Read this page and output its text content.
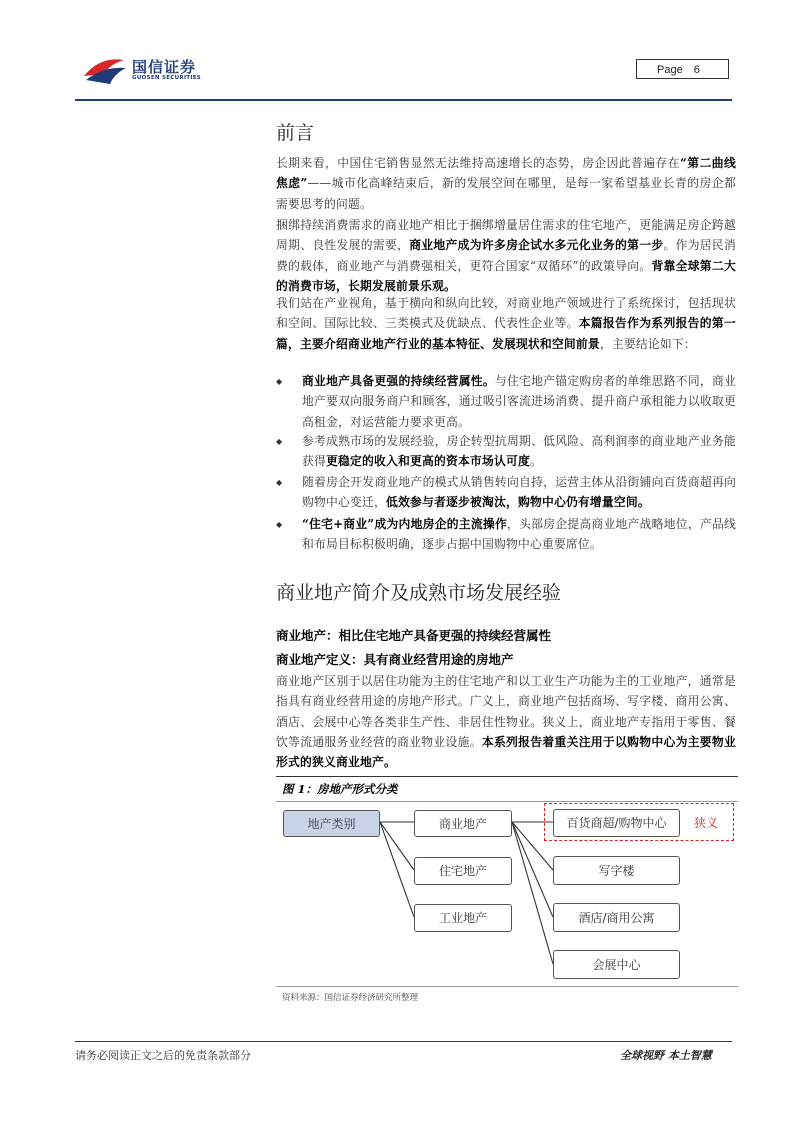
国信证券
GUOSEN SECURITIES
Page 6
前言
长期来看，中国住宅销售显然无法维持高速增长的态势，房企因此普遍存在“第二曲线焦虑”——城市化高峰结束后，新的发展空间在哪里，是每一家希望基业长青的房企都需要思考的问题。
捆绑持续消费需求的商业地产相比于捆绑增量居住需求的住宅地产，更能满足房企跨越周期、良性发展的需要，商业地产成为许多房企试水多元化业务的第一步。作为居民消费的载体，商业地产与消费强相关，更符合国家“双循环”的政策导向。背靠全球第二大的消费市场，长期发展前景乐观。
我们站在产业视角，基于横向和纵向比较，对商业地产领域进行了系统探讨，包括现状和空间、国际比较、三类模式及优缺点、代表性企业等。本篇报告作为系列报告的第一篇，主要介绍商业地产行业的基本特征、发展现状和空间前景，主要结论如下：
◆	商业地产具备更强的持续经营属性。与住宅地产锚定购房者的单维思路不同，商业地产要双向服务商户和顾客，通过吸引客流进场消费、提升商户承租能力以收取更高租金，对运营能力要求更高。
◆	参考成熟市场的发展经验，房企转型抗周期、低风险、高利润率的商业地产业务能获得更稳定的收入和更高的资本市场认可度。
◆	随着房企开发商业地产的模式从销售转向自持，运营主体从沿街铺向百货商超再向购物中心变迁，低效参与者逐步被淘汰，购物中心仍有增量空间。
◆	“住宅+商业”成为内地房企的主流操作，头部房企提高商业地产战略地位，产品线和布局目标积极明确，逐步占据中国购物中心重要席位。
商业地产简介及成熟市场发展经验
商业地产：相比住宅地产具备更强的持续经营属性
商业地产定义：具有商业经营用途的房地产
商业地产区别于以居住功能为主的住宅地产和以工业生产功能为主的工业地产，通常是指具有商业经营用途的房地产形式。广义上，商业地产包括商场、写字楼、商用公寓、酒店、会展中心等各类非生产性、非居住性物业。狭义上，商业地产专指用于零售、餐饮等流通服务业经营的商业物业设施。本系列报告着重关注用于以购物中心为主要物业形式的狭义商业地产。
图 1：房地产形式分类
地产类别	商业地产
住宅地产
工业地产
百货商超/购物中心	狭义
写字楼
酒店/商用公寓
会展中心
资料来源：国信证券经济研究所整理
请务必阅读正文之后的免责条款部分	全球视野 本土智慧
